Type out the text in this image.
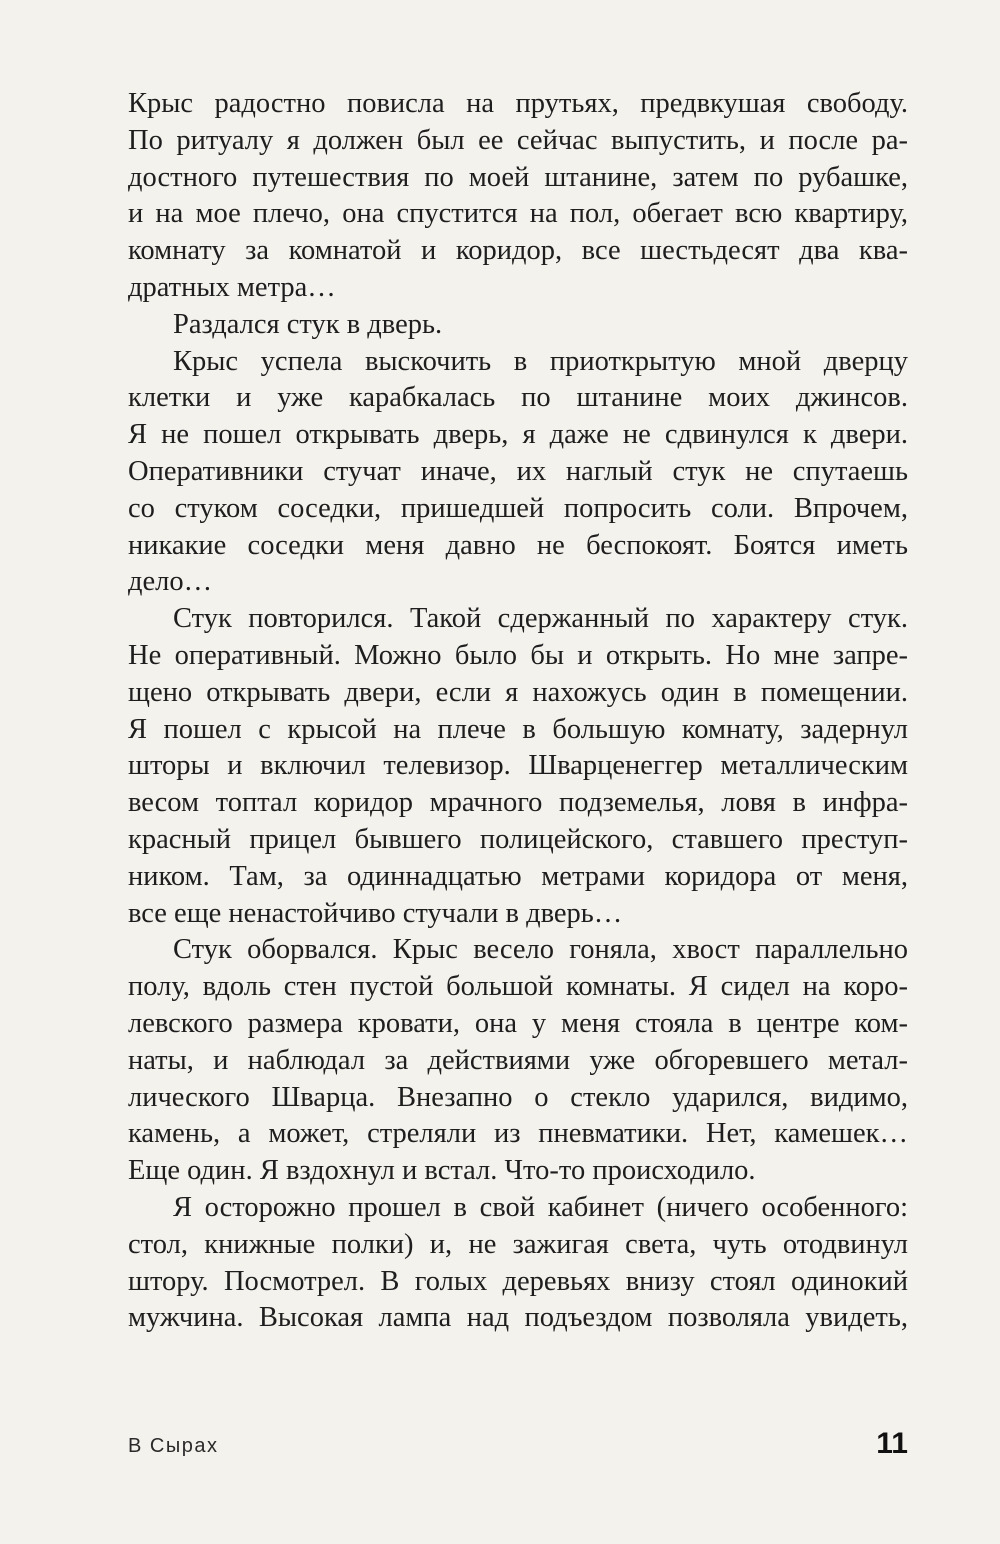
Крыс радостно повисла на прутьях, предвкушая свободу.
По ритуалу я должен был ее сейчас выпустить, и после ра-
достного путешествия по моей штанине, затем по рубашке,
и на мое плечо, она спустится на пол, обегает всю квартиру,
комнату за комнатой и коридор, все шестьдесят два ква-
дратных метра…
Раздался стук в дверь.
Крыс успела выскочить в приоткрытую мной дверцу
клетки и уже карабкалась по штанине моих джинсов.
Я не пошел открывать дверь, я даже не сдвинулся к двери.
Оперативники стучат иначе, их наглый стук не спутаешь
со стуком соседки, пришедшей попросить соли. Впрочем,
никакие соседки меня давно не беспокоят. Боятся иметь
дело…
Стук повторился. Такой сдержанный по характеру стук.
Не оперативный. Можно было бы и открыть. Но мне запре-
щено открывать двери, если я нахожусь один в помещении.
Я пошел с крысой на плече в большую комнату, задернул
шторы и включил телевизор. Шварценеггер металлическим
весом топтал коридор мрачного подземелья, ловя в инфра-
красный прицел бывшего полицейского, ставшего преступ-
ником. Там, за одиннадцатью метрами коридора от меня,
все еще ненастойчиво стучали в дверь…
Стук оборвался. Крыс весело гоняла, хвост параллельно
полу, вдоль стен пустой большой комнаты. Я сидел на коро-
левского размера кровати, она у меня стояла в центре ком-
наты, и наблюдал за действиями уже обгоревшего метал-
лического Шварца. Внезапно о стекло ударился, видимо,
камень, а может, стреляли из пневматики. Нет, камешек…
Еще один. Я вздохнул и встал. Что-то происходило.
Я осторожно прошел в свой кабинет (ничего особенного:
стол, книжные полки) и, не зажигая света, чуть отодвинул
штору. Посмотрел. В голых деревьях внизу стоял одинокий
мужчина. Высокая лампа над подъездом позволяла увидеть,
В Сырах	11
